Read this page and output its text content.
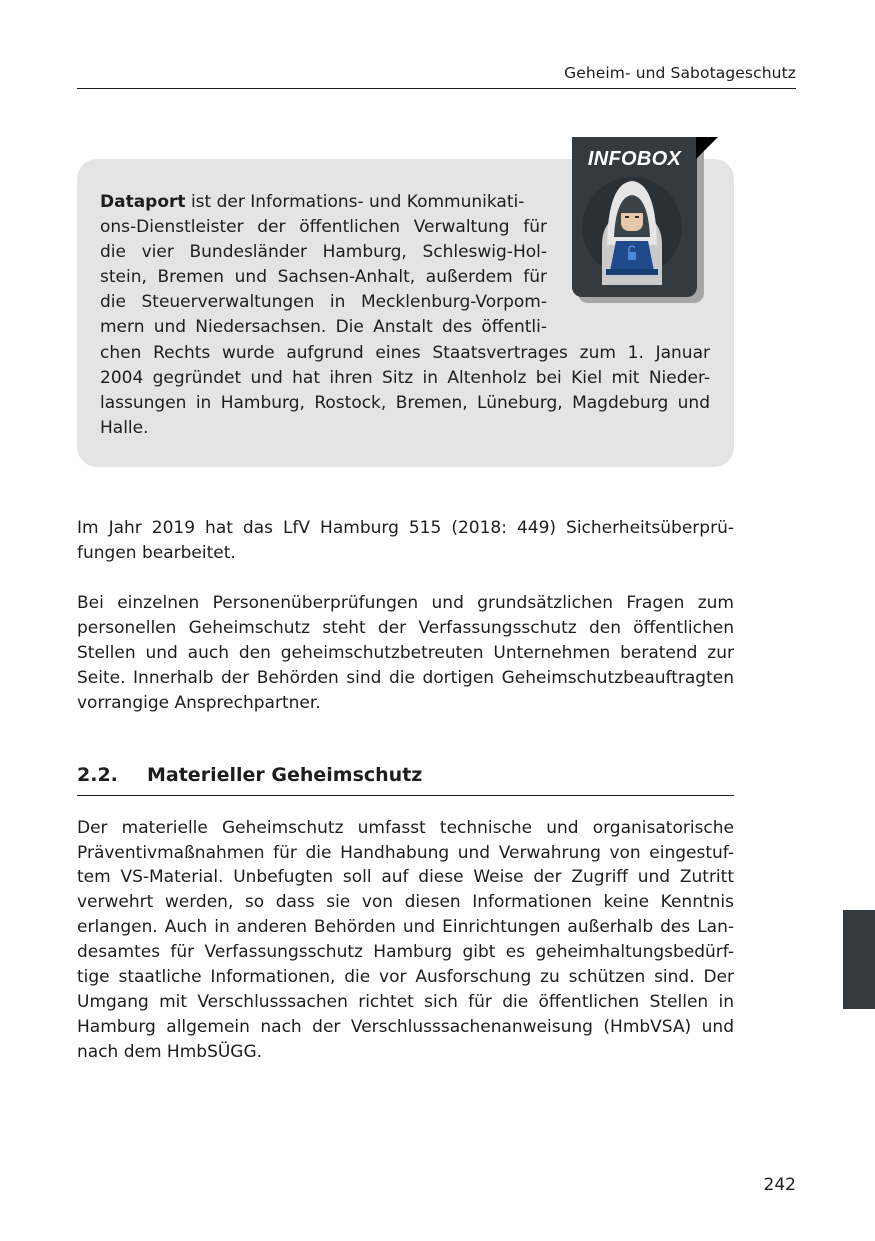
Geheim- und Sabotageschutz
Dataport ist der Informations- und Kommunikati-
ons-Dienstleister der öffentlichen Verwaltung für
die vier Bundesländer Hamburg, Schleswig-Hol-
stein, Bremen und Sachsen-Anhalt, außerdem für
die Steuerverwaltungen in Mecklenburg-Vorpom-
mern und Niedersachsen. Die Anstalt des öffentli-
chen Rechts wurde aufgrund eines Staatsvertrages zum 1. Januar
2004 gegründet und hat ihren Sitz in Altenholz bei Kiel mit Nieder-
lassungen in Hamburg, Rostock, Bremen, Lüneburg, Magdeburg und
Halle.
INFOBOX
Im Jahr 2019 hat das LfV Hamburg 515 (2018: 449) Sicherheitsüberprü-
fungen bearbeitet.
Bei einzelnen Personenüberprüfungen und grundsätzlichen Fragen zum
personellen Geheimschutz steht der Verfassungsschutz den öffentlichen
Stellen und auch den geheimschutzbetreuten Unternehmen beratend zur
Seite. Innerhalb der Behörden sind die dortigen Geheimschutzbeauftragten
vorrangige Ansprechpartner.
2.2. Materieller Geheimschutz
Der materielle Geheimschutz umfasst technische und organisatorische
Präventivmaßnahmen für die Handhabung und Verwahrung von eingestuf-
tem VS-Material. Unbefugten soll auf diese Weise der Zugriff und Zutritt
verwehrt werden, so dass sie von diesen Informationen keine Kenntnis
erlangen. Auch in anderen Behörden und Einrichtungen außerhalb des Lan-
desamtes für Verfassungsschutz Hamburg gibt es geheimhaltungsbedürf-
tige staatliche Informationen, die vor Ausforschung zu schützen sind. Der
Umgang mit Verschlusssachen richtet sich für die öffentlichen Stellen in
Hamburg allgemein nach der Verschlusssachenanweisung (HmbVSA) und
nach dem HmbSÜGG.
242
